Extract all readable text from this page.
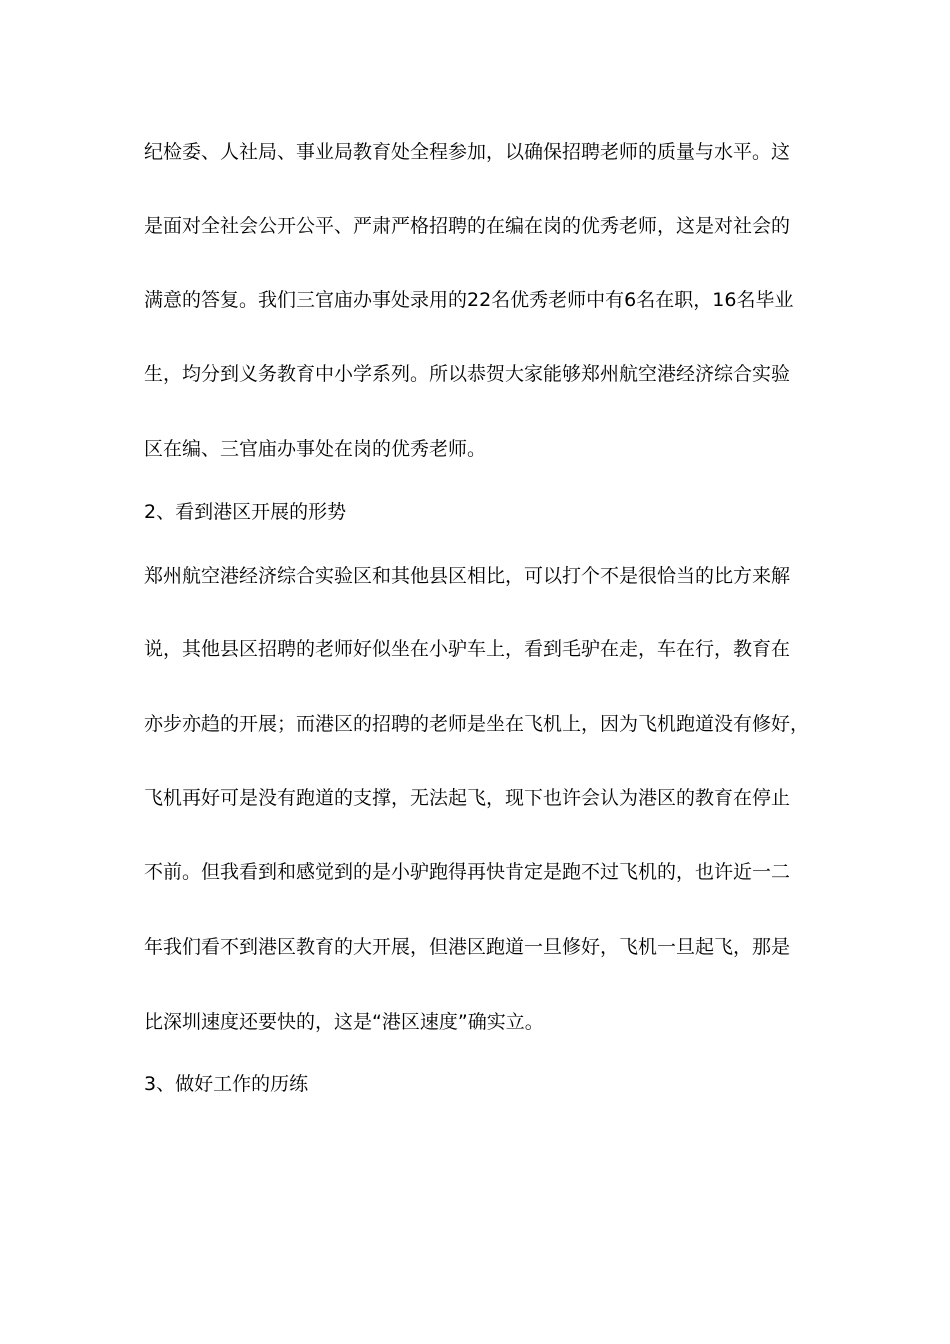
纪检委、人社局、事业局教育处全程参加，以确保招聘老师的质量与水平。这
是面对全社会公开公平、严肃严格招聘的在编在岗的优秀老师，这是对社会的
满意的答复。我们三官庙办事处录用的22名优秀老师中有6名在职，16名毕业
生，均分到义务教育中小学系列。所以恭贺大家能够郑州航空港经济综合实验
区在编、三官庙办事处在岗的优秀老师。
2、看到港区开展的形势
郑州航空港经济综合实验区和其他县区相比，可以打个不是很恰当的比方来解
说，其他县区招聘的老师好似坐在小驴车上，看到毛驴在走，车在行，教育在
亦步亦趋的开展；而港区的招聘的老师是坐在飞机上，因为飞机跑道没有修好，
飞机再好可是没有跑道的支撑，无法起飞，现下也许会认为港区的教育在停止
不前。但我看到和感觉到的是小驴跑得再快肯定是跑不过飞机的，也许近一二
年我们看不到港区教育的大开展，但港区跑道一旦修好，飞机一旦起飞，那是
比深圳速度还要快的，这是“港区速度”确实立。
3、做好工作的历练
